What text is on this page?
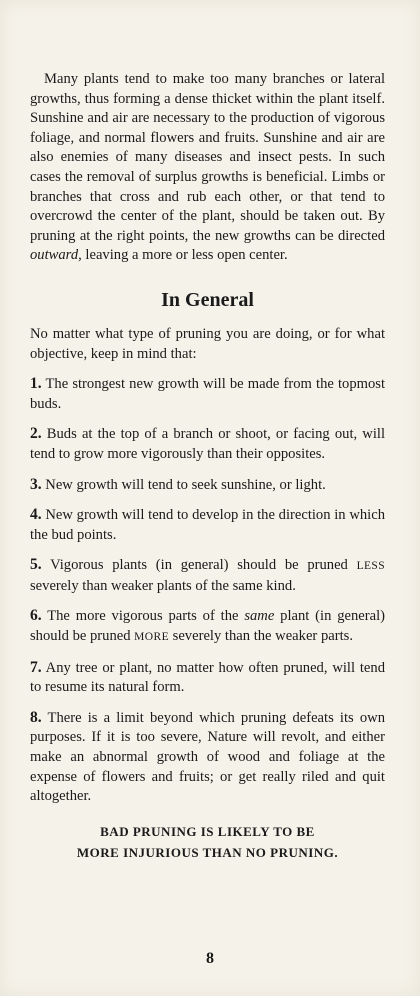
Many plants tend to make too many branches or lateral growths, thus forming a dense thicket within the plant itself. Sunshine and air are necessary to the production of vigorous foliage, and normal flowers and fruits. Sunshine and air are also enemies of many diseases and insect pests. In such cases the removal of surplus growths is beneficial. Limbs or branches that cross and rub each other, or that tend to overcrowd the center of the plant, should be taken out. By pruning at the right points, the new growths can be directed outward, leaving a more or less open center.

In General

No matter what type of pruning you are doing, or for what objective, keep in mind that:

1. The strongest new growth will be made from the topmost buds.
2. Buds at the top of a branch or shoot, or facing out, will tend to grow more vigorously than their opposites.
3. New growth will tend to seek sunshine, or light.
4. New growth will tend to develop in the direction in which the bud points.
5. Vigorous plants (in general) should be pruned LESS severely than weaker plants of the same kind.
6. The more vigorous parts of the same plant (in general) should be pruned MORE severely than the weaker parts.
7. Any tree or plant, no matter how often pruned, will tend to resume its natural form.
8. There is a limit beyond which pruning defeats its own purposes. If it is too severe, Nature will revolt, and either make an abnormal growth of wood and foliage at the expense of flowers and fruits; or get really riled and quit altogether.
BAD PRUNING IS LIKELY TO BE
MORE INJURIOUS THAN NO PRUNING.
8
